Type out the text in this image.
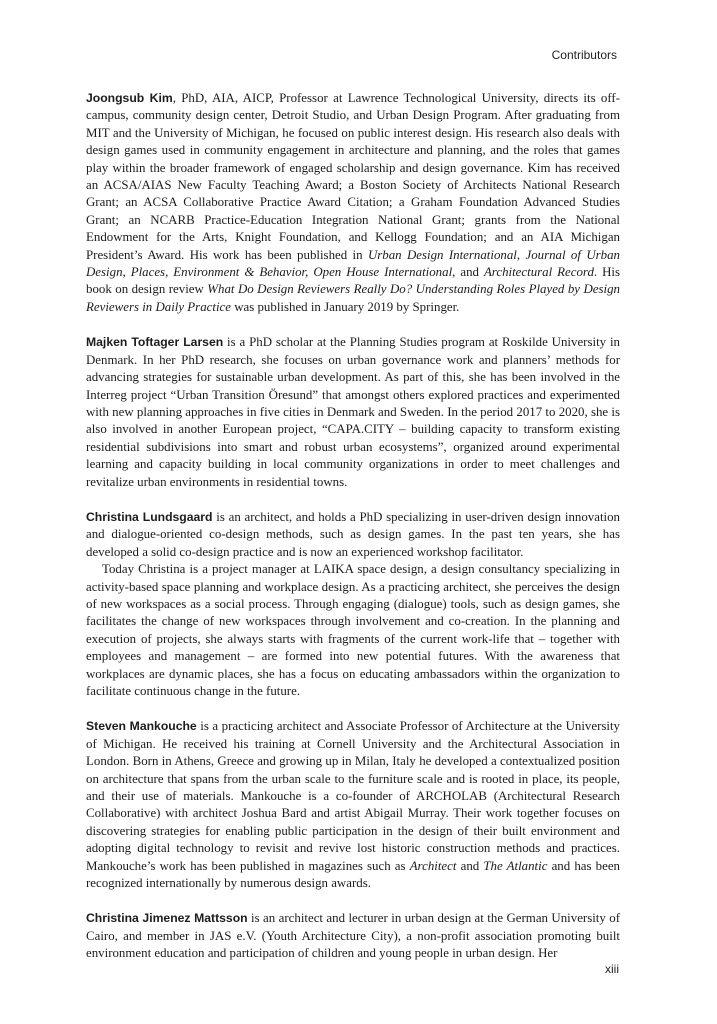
Contributors

Joongsub Kim, PhD, AIA, AICP, Professor at Lawrence Technological University, directs its off-campus, community design center, Detroit Studio, and Urban Design Program. After graduating from MIT and the University of Michigan, he focused on public interest design. His research also deals with design games used in community engagement in architecture and planning, and the roles that games play within the broader framework of engaged scholarship and design governance. Kim has received an ACSA/AIAS New Faculty Teaching Award; a Boston Society of Architects National Research Grant; an ACSA Collaborative Practice Award Citation; a Graham Foundation Advanced Studies Grant; an NCARB Practice-Education Integration National Grant; grants from the National Endowment for the Arts, Knight Foundation, and Kellogg Foundation; and an AIA Michigan President’s Award. His work has been published in Urban Design International, Journal of Urban Design, Places, Environment & Behavior, Open House International, and Architectural Record. His book on design review What Do Design Reviewers Really Do? Understanding Roles Played by Design Reviewers in Daily Practice was published in January 2019 by Springer.

Majken Toftager Larsen is a PhD scholar at the Planning Studies program at Roskilde University in Denmark. In her PhD research, she focuses on urban governance work and planners’ methods for advancing strategies for sustainable urban development. As part of this, she has been involved in the Interreg project “Urban Transition Öresund” that amongst others explored practices and experimented with new planning approaches in five cities in Denmark and Sweden. In the period 2017 to 2020, she is also involved in another European project, “CAPA.CITY – building capacity to transform existing residential subdivisions into smart and robust urban ecosystems”, organized around experimental learning and capacity building in local community organizations in order to meet challenges and revitalize urban environments in residential towns.

Christina Lundsgaard is an architect, and holds a PhD specializing in user-driven design innovation and dialogue-oriented co-design methods, such as design games. In the past ten years, she has developed a solid co-design practice and is now an experienced workshop facilitator.

Today Christina is a project manager at LAIKA space design, a design consultancy specializing in activity-based space planning and workplace design. As a practicing architect, she perceives the design of new workspaces as a social process. Through engaging (dialogue) tools, such as design games, she facilitates the change of new workspaces through involvement and co-creation. In the planning and execution of projects, she always starts with fragments of the current work-life that – together with employees and management – are formed into new potential futures. With the awareness that workplaces are dynamic places, she has a focus on educating ambassadors within the organization to facilitate continuous change in the future.

Steven Mankouche is a practicing architect and Associate Professor of Architecture at the University of Michigan. He received his training at Cornell University and the Architectural Association in London. Born in Athens, Greece and growing up in Milan, Italy he developed a contextualized position on architecture that spans from the urban scale to the furniture scale and is rooted in place, its people, and their use of materials. Mankouche is a co-founder of ARCHOLAB (Architectural Research Collaborative) with architect Joshua Bard and artist Abigail Murray. Their work together focuses on discovering strategies for enabling public participation in the design of their built environment and adopting digital technology to revisit and revive lost historic construction methods and practices. Mankouche’s work has been published in magazines such as Architect and The Atlantic and has been recognized internationally by numerous design awards.

Christina Jimenez Mattsson is an architect and lecturer in urban design at the German University of Cairo, and member in JAS e.V. (Youth Architecture City), a non-profit association promoting built environment education and participation of children and young people in urban design. Her

xiii
